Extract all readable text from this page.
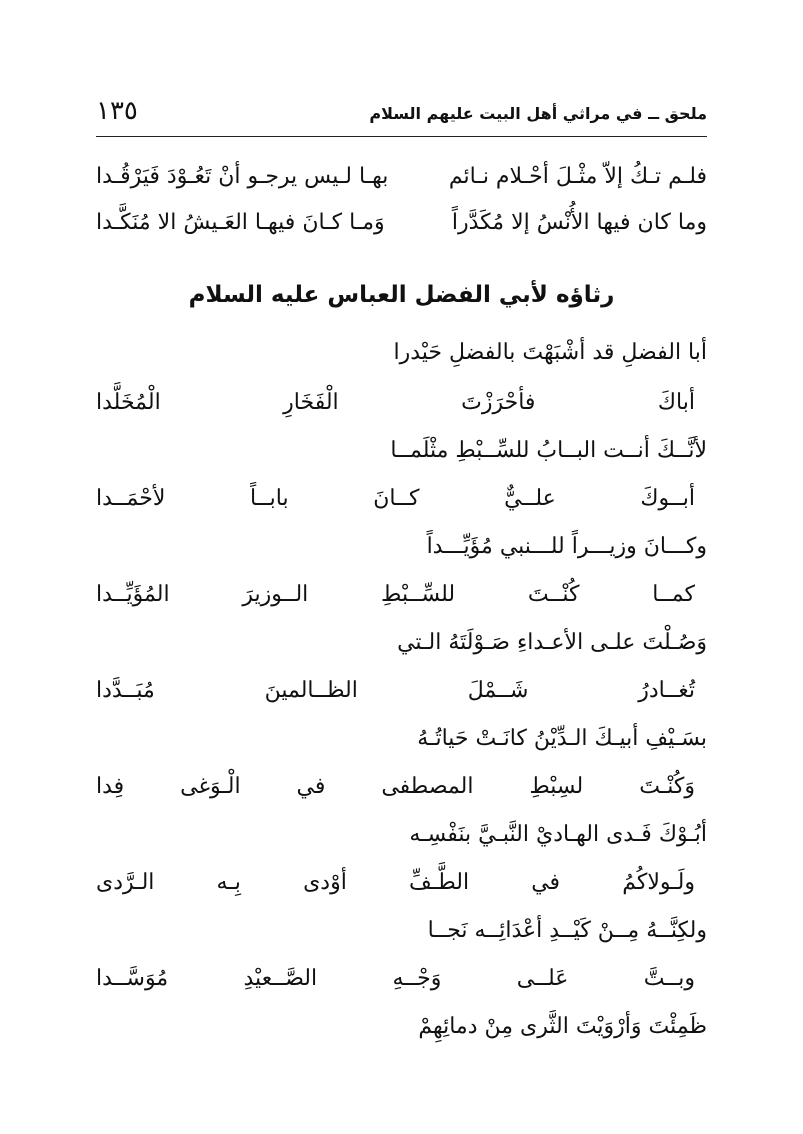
ملحق ــ في مراثي أهل البيت عليهم السلام
١٣٥
فلـم تـكُ إلاّ مثْـلَ أحْـلام نـائم
بهـا لـيس يرجـو أنْ تَعُـوْدَ فَيَرْقُـدا
وما كان فيها الأُنْسُ إلا مُكَدَّراً
وَمـا كـانَ فيهـا العَـيشُ الا مُنَكَّـدا
رثاؤه لأبي الفضل العباس عليه السلام
أبا الفضلِ قد أشْبَهْتَ بالفضلِ حَيْدرا
أباكَ فأحْرَزْتَ الْفَخَارِ الْمُخَلَّدا
لأنَّــكَ أنــت البــابُ للسِّــبْطِ مثْلَمــا
أبــوكَ علــيٌّ كــانَ بابــاً لأحْمَــدا
وكـــانَ وزيـــراً للـــنبي مُؤَيِّـــداً
كمــا كُنْــتَ للسِّــبْطِ الــوزيرَ المُؤَيِّــدا
وَصُـلْتَ علـى الأعـداءِ صَـوْلَتَهُ الـتي
تُغــادرُ شَــمْلَ الظــالمينَ مُبَــدَّدا
بسَـيْفِ أبيـكَ الـدِّيْنُ كانَـتْ حَياتُـهُ
وَكُنْـتَ لسِبْطِ المصطفى في الْـوَغى فِدا
أبُـوْكَ فَـدى الهـاديْ النَّبـيَّ بنَفْسِـه
ولَـولاكُمُ في الطَّـفِّ أوْدى بِـه الـرَّدى
ولكِنَّــهُ مِــنْ كَيْــدِ أعْدَائِــه نَجــا
وبــتَّ عَلــى وَجْــهِ الصَّــعيْدِ مُوَسَّــدا
ظَمِئْتَ وَأرْوَيْتَ الثَّرى مِنْ دمائِهِمْ
